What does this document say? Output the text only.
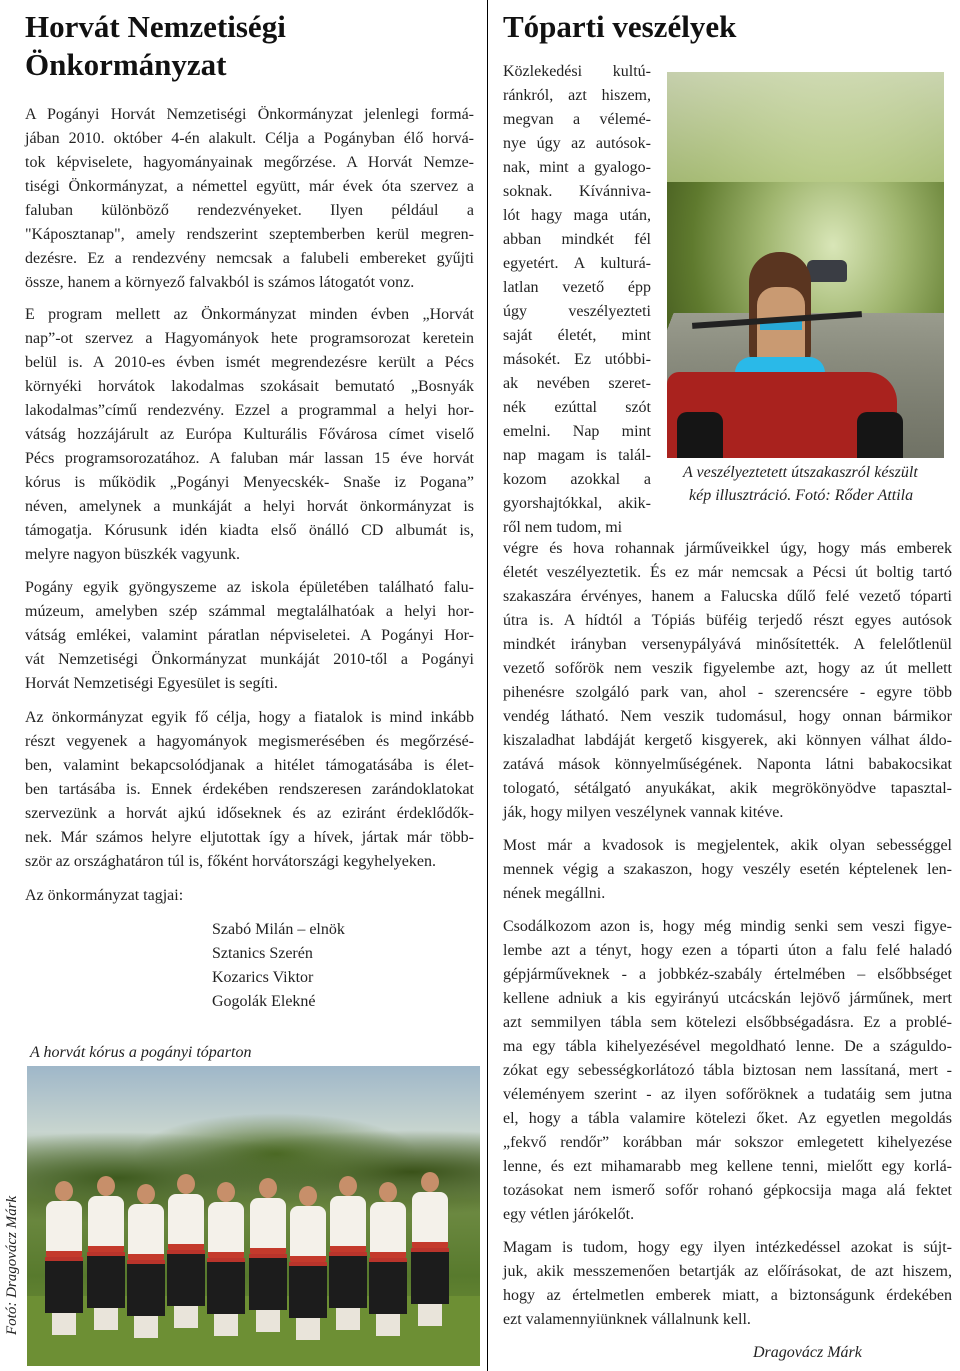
Horvát Nemzetiségi
Önkormányzat
A Pogányi Horvát Nemzetiségi Önkormányzat jelenlegi formá-
jában 2010. október 4-én alakult. Célja a Pogányban élő horvá-
tok képviselete, hagyományainak megőrzése. A Horvát Nemze-
tiségi Önkormányzat, a némettel együtt, már évek óta szervez a
faluban különböző rendezvényeket. Ilyen például a
"Káposztanap", amely rendszerint szeptemberben kerül megren-
dezésre. Ez a rendezvény nemcsak a falubeli embereket gyűjti
össze, hanem a környező falvakból is számos látogatót vonz.
E program mellett az Önkormányzat minden évben „Horvát
nap”-ot szervez a Hagyományok hete programsorozat keretein
belül is. A 2010-es évben ismét megrendezésre került a Pécs
környéki horvátok lakodalmas szokásait bemutató „Bosnyák
lakodalmas”című rendezvény. Ezzel a programmal a helyi hor-
vátság hozzájárult az Európa Kulturális Fővárosa címet viselő
Pécs programsorozatához. A faluban már lassan 15 éve horvát
kórus is működik „Pogányi Menyecskék- Snaše iz Pogana”
néven, amelynek a munkáját a helyi horvát önkormányzat is
támogatja. Kórusunk idén kiadta első önálló CD albumát is,
melyre nagyon büszkék vagyunk.
Pogány egyik gyöngyszeme az iskola épületében található falu-
múzeum, amelyben szép számmal megtalálhatóak a helyi hor-
vátság emlékei, valamint páratlan népviseletei. A Pogányi Hor-
vát Nemzetiségi Önkormányzat munkáját 2010-től a Pogányi
Horvát Nemzetiségi Egyesület is segíti.
Az önkormányzat egyik fő célja, hogy a fiatalok is mind inkább
részt vegyenek a hagyományok megismerésében és megőrzésé-
ben, valamint bekapcsolódjanak a hitélet támogatásába is élet-
ben tartásába is. Ennek érdekében rendszeresen zarándoklatokat
szervezünk a horvát ajkú időseknek és az eziránt érdeklődők-
nek. Már számos helyre eljutottak így a hívek, jártak már több-
ször az országhatáron túl is, főként horvátországi kegyhelyeken.

Az önkormányzat tagjai:

Szabó Milán – elnök

Sztanics Szerén

Kozarics Viktor

Gogolák Elekné

A horvát kórus a pogányi tóparton

Fotó: Dragovácz Márk
Tóparti veszélyek
Közlekedési kultú-
ránkról, azt hiszem,
megvan a vélemé-
nye úgy az autósok-
nak, mint a gyalogo-
soknak. Kívánniva-
lót hagy maga után,
abban mindkét fél
egyetért. A kulturá-
latlan vezető épp
úgy veszélyezteti
saját életét, mint
másokét. Ez utóbbi-
ak nevében szeret-
nék ezúttal szót
emelni. Nap mint
nap magam is talál-
kozom azokkal a
gyorshajtókkal, akik-
ről nem tudom, mi

A veszélyeztetett útszakaszról készült

kép illusztráció. Fotó: Rőder Attila

végre és hova rohannak járműveikkel úgy, hogy más emberek
életét veszélyeztetik. És ez már nemcsak a Pécsi út boltig tartó
szakaszára érvényes, hanem a Falucska dűlő felé vezető tóparti
útra is. A hídtól a Tópiás büféig terjedő részt egyes autósok
mindkét irányban versenypályává minősítették. A felelőtlenül
vezető sofőrök nem veszik figyelembe azt, hogy az út mellett
pihenésre szolgáló park van, ahol - szerencsére - egyre több
vendég látható. Nem veszik tudomásul, hogy onnan bármikor
kiszaladhat labdáját kergető kisgyerek, aki könnyen válhat áldo-
zatává mások könnyelműségének. Naponta látni babakocsikat
tologató, sétálgató anyukákat, akik megrökönyödve tapasztal-
ják, hogy milyen veszélynek vannak kitéve.
Most már a kvadosok is megjelentek, akik olyan sebességgel
mennek végig a szakaszon, hogy veszély esetén képtelenek len-
nének megállni.
Csodálkozom azon is, hogy még mindig senki sem veszi figye-
lembe azt a tényt, hogy ezen a tóparti úton a falu felé haladó
gépjárműveknek - a jobbkéz-szabály értelmében – elsőbbséget
kellene adniuk a kis egyirányú utcácskán lejövő járműnek, mert
azt semmilyen tábla sem kötelezi elsőbbségadásra. Ez a problé-
ma egy tábla kihelyezésével megoldható lenne. De a száguldo-
zókat egy sebességkorlátozó tábla biztosan nem lassítaná, mert -
véleményem szerint - az ilyen sofőröknek a tudatáig sem jutna
el, hogy a tábla valamire kötelezi őket. Az egyetlen megoldás
„fekvő rendőr” korábban már sokszor emlegetett kihelyezése
lenne, és ezt mihamarabb meg kellene tenni, mielőtt egy korlá-
tozásokat nem ismerő sofőr rohanó gépkocsija maga alá fektet
egy vétlen járókelőt.
Magam is tudom, hogy egy ilyen intézkedéssel azokat is sújt-
juk, akik messzemenően betartják az előírásokat, de azt hiszem,
hogy az értelmetlen emberek miatt, a biztonságunk érdekében
ezt valamennyiünknek vállalnunk kell.

Dragovácz Márk
